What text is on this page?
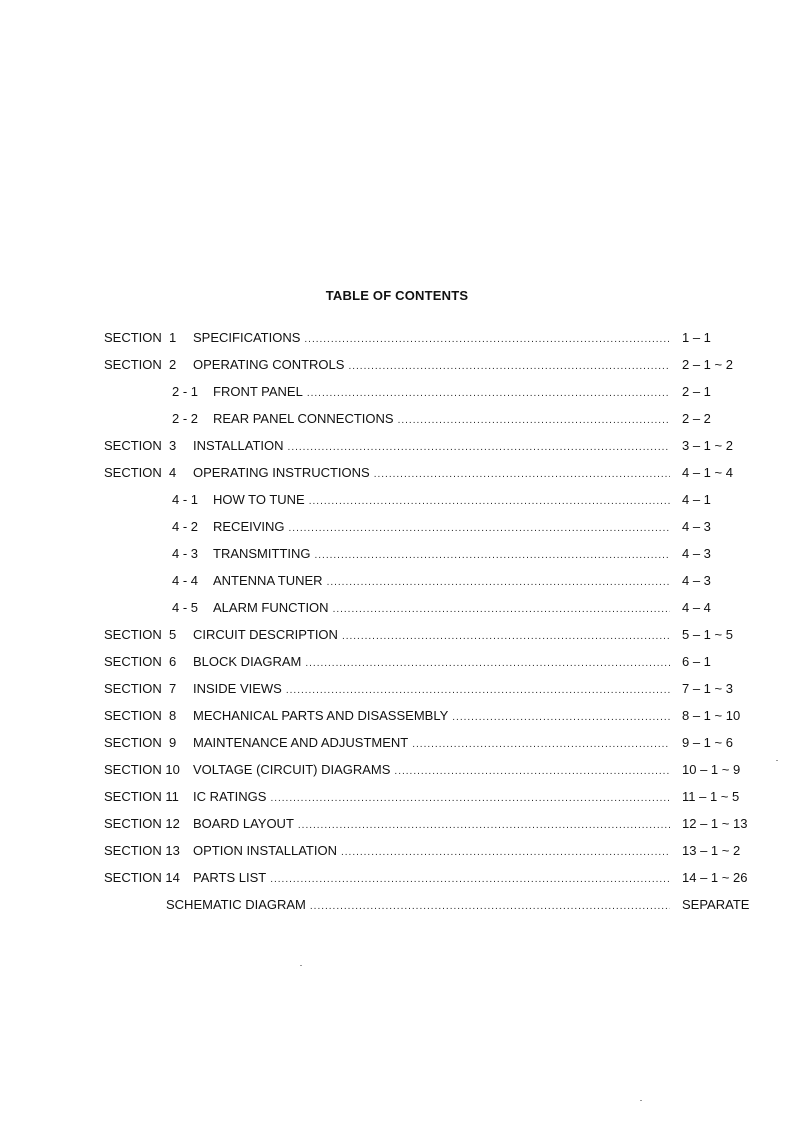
TABLE OF CONTENTS
SECTION  1 SPECIFICATIONS .....	1 – 1
SECTION  2 OPERATING CONTROLS .....	2 – 1 ~ 2
2 - 1 FRONT PANEL .....	2 – 1
2 - 2 REAR PANEL CONNECTIONS .....	2 – 2
SECTION  3 INSTALLATION .....	3 – 1 ~ 2
SECTION  4 OPERATING INSTRUCTIONS .....	4 – 1 ~ 4
4 - 1 HOW TO TUNE .....	4 – 1
4 - 2 RECEIVING .....	4 – 3
4 - 3 TRANSMITTING .....	4 – 3
4 - 4 ANTENNA TUNER .....	4 – 3
4 - 5 ALARM FUNCTION .....	4 – 4
SECTION  5 CIRCUIT DESCRIPTION .....	5 – 1 ~ 5
SECTION  6 BLOCK DIAGRAM .....	6 – 1
SECTION  7 INSIDE VIEWS .....	7 – 1 ~ 3
SECTION  8 MECHANICAL PARTS AND DISASSEMBLY .....	8 – 1 ~ 10
SECTION  9 MAINTENANCE AND ADJUSTMENT .....	9 – 1 ~ 6
SECTION 10 VOLTAGE (CIRCUIT) DIAGRAMS .....	10 – 1 ~ 9
SECTION 11 IC RATINGS .....	11 – 1 ~ 5
SECTION 12 BOARD LAYOUT .....	12 – 1 ~ 13
SECTION 13 OPTION INSTALLATION .....	13 – 1 ~ 2
SECTION 14 PARTS LIST .....	14 – 1 ~ 26
SCHEMATIC DIAGRAM .....	SEPARATE
